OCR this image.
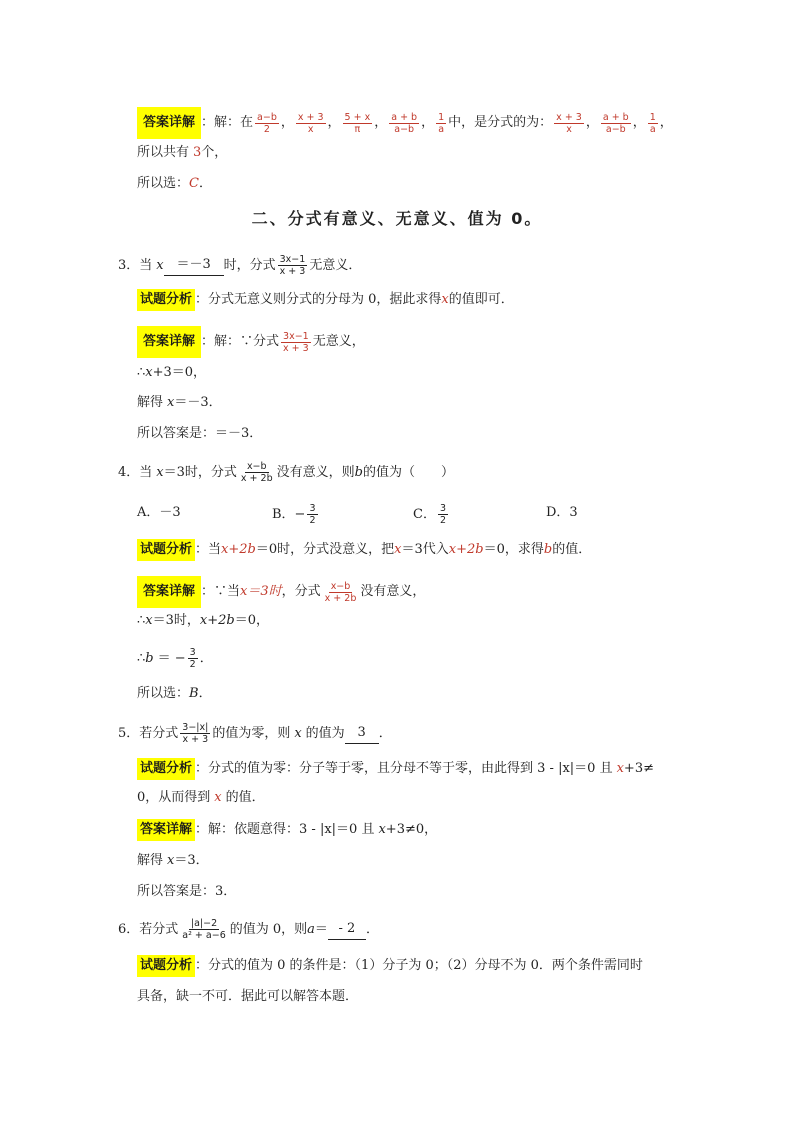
答案详解 ：解：在 $\frac{a-b}{2}$ ， $\frac{x + 3}{x}$ ， $\frac{5 + x}{\pi}$ ， $\frac{a + b}{a-b}$ ， $\frac{1}{a}$ 中，是分式的为： $\frac{x + 3}{x}$ ， $\frac{a + b}{a-b}$ ， $\frac{1}{a}$ ，
所以共有 3 个，
所以选： C ．
二、分式有意义、无意义、值为 0。
3．当 x ＝－3 时，分式 $\frac{3x-1}{x + 3}$ 无意义．
试题分析 ：分式无意义则分式的分母为 0，据此求得 x 的值即可．
答案详解 ：解：∵分式 $\frac{3x-1}{x + 3}$ 无意义，
∴ x +3＝0，
解得 x ＝－3．
所以答案是：＝－3．
4．当 x ＝3时，分式 $\frac{x-b}{x + 2b}$ 没有意义，则 b 的值为（　　）
A．－3	B．− $\frac{3}{2}$	C． $\frac{3}{2}$	D．3
试题分析 ：当 x+2b ＝0时，分式没意义，把 x ＝3代入 x+2b ＝0，求得 b 的值．
答案详解 ：∵当 x＝3时 ，分式 $\frac{x-b}{x + 2b}$ 没有意义，
∴ x ＝3时， x+2b ＝0，
∴ b ＝ − $\frac{3}{2}$ ．
所以选： B ．
5．若分式 $\frac{3-|x|}{x + 3}$ 的值为零，则 x 的值为 3 ．
试题分析 ：分式的值为零：分子等于零，且分母不等于零，由此得到 3 - |x|＝0 且 x +3≠
0，从而得到 x 的值．
答案详解 ：解：依题意得：3 - |x|＝0 且 x +3≠0，
解得 x ＝3．
所以答案是：3．
6．若分式 $\frac{|a|-2}{\text{a² + a−6}}$ 的值为 0，则 a ＝ - 2 ．
试题分析 ：分式的值为 0 的条件是：（1）分子为 0；（2）分母不为 0．两个条件需同时
具备，缺一不可．据此可以解答本题．
